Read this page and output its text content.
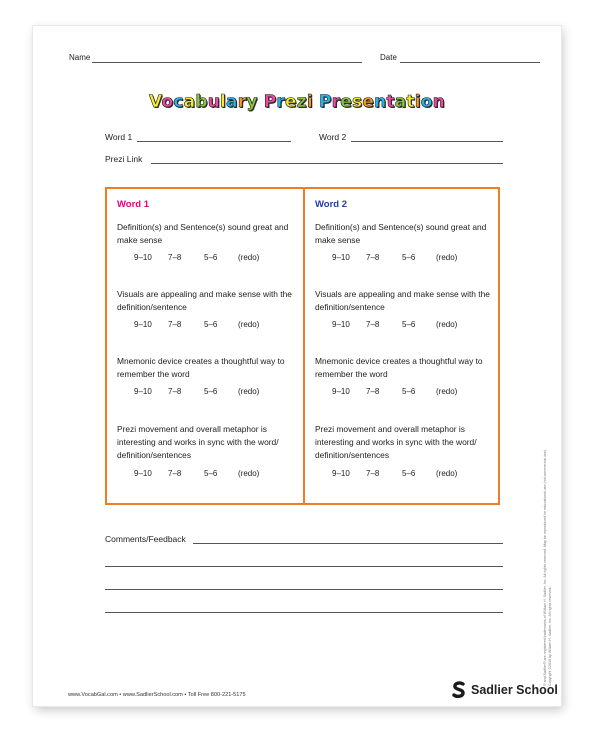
Name	Date
Vocabulary Prezi Presentation
Word 1	Word 2
Prezi Link
Word 1
Definition(s) and Sentence(s) sound great and make sense
9–10 7–8	5–6	(redo)
Visuals are appealing and make sense with the definition/sentence
9–10 7–8	5–6	(redo)
Mnemonic device creates a thoughtful way to remember the word
9–10 7–8	5–6	(redo)
Prezi movement and overall metaphor is interesting and works in sync with the word/ definition/sentences
9–10 7–8	5–6	(redo)
Word 2
Definition(s) and Sentence(s) sound great and make sense
9–10 7–8	5–6	(redo)
Visuals are appealing and make sense with the definition/sentence
9–10 7–8	5–6	(redo)
Mnemonic device creates a thoughtful way to remember the word
9–10 7–8	5–6	(redo)
Prezi movement and overall metaphor is interesting and works in sync with the word/ definition/sentences
9–10 7–8	5–6	(redo)
Comments/Feedback
www.VocabGal.com • www.SadlierSchool.com • Toll Free 800-221-5175	Sadlier School
® and Sadlier® are registered trademarks of William H. Sadlier, Inc. All rights reserved. May be reproduced for educational use (not commercial use). Copyright ©2016 by William H. Sadlier, Inc. All rights reserved.
